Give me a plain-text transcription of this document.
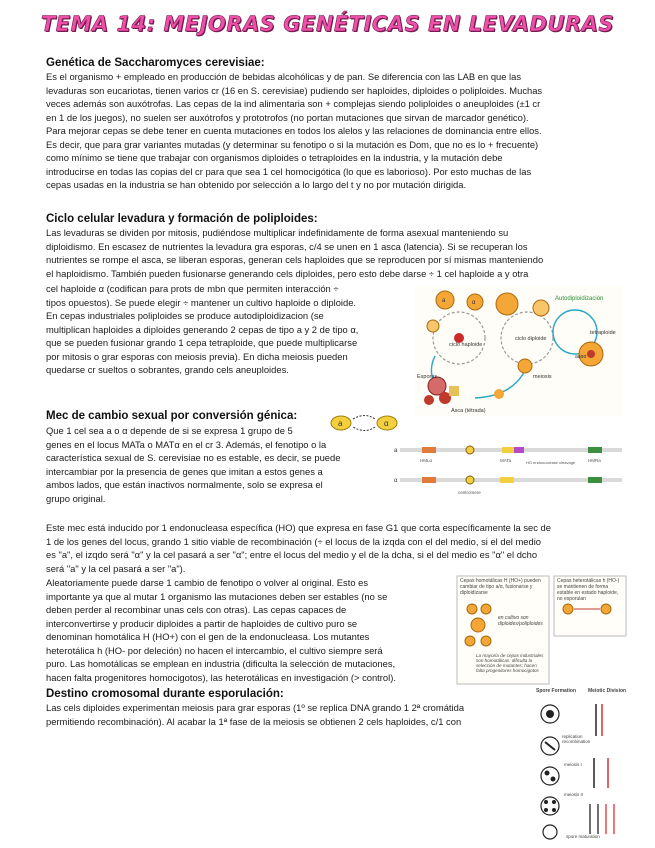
TEMA 14: MEJORAS GENÉTICAS EN LEVADURAS
Genética de Saccharomyces cerevisiae:
Es el organismo + empleado en producción de bebidas alcohólicas y de pan. Se diferencia con las LAB en que las
levaduras son eucariotas, tienen varios cr (16 en S. cerevisiae) pudiendo ser haploides, diploides o poliploides. Muchas
veces además son auxótrofas. Las cepas de la ind alimentaria son + complejas siendo poliploides o aneuploides (±1 cr
en 1 de los juegos), no suelen ser auxótrofos y prototrofos (no portan mutaciones que sirvan de marcador genético).
Para mejorar cepas se debe tener en cuenta mutaciones en todos los alelos y las relaciones de dominancia entre ellos.
Es decir, que para grar variantes mutadas (y determinar su fenotipo o si la mutación es Dom, que no es lo + frecuente)
como mínimo se tiene que trabajar con organismos diploides o tetraploides en la industria, y la mutación debe
introducirse en todas las copias del cr para que sea 1 cel homocigótica (lo que es laborioso). Por esto muchas de las
cepas usadas en la industria se han obtenido por selección a lo largo del t y no por mutación dirigida.
Ciclo celular levadura y formación de poliploides:
Las levaduras se dividen por mitosis, pudiéndose multiplicar indefinidamente de forma asexual manteniendo su
diploidismo. En escasez de nutrientes la levadura gra esporas, c/4 se unen en 1 asca (latencia). Si se recuperan los
nutrientes se rompe el asca, se liberan esporas, generan cels haploides que se reproducen por sí mismas manteniendo
el haploidismo. También pueden fusionarse generando cels diploides, pero esto debe darse ÷ 1 cel haploide a y otra
cel haploide α (codifican para prots de mbn que permiten interacción ÷
tipos opuestos). Se puede elegir ÷ mantener un cultivo haploide o diploide.
En cepas industriales poliploides se produce autodiploidizacion (se
multiplican haploides a diploides generando 2 cepas de tipo a y 2 de tipo α,
que se pueden fusionar grando 1 cepa tetraploide, que puede multiplicarse
por mitosis o grar esporas con meiosis previa). En dicha meiosis pueden
quedarse cr sueltos o sobrantes, grando cels aneuploides.
Autodiploidización
tetraploide
ciclo diploide
ciclo haploide
meiosis
Esporas
Asca (tétrada)
a	α
aaαα
Mec de cambio sexual por conversión génica:
a	α
Que 1 cel sea a o α depende de si se expresa 1 grupo de 5
genes en el locus MATa o MATα en el cr 3. Además, el fenotipo o la
característica sexual de S. cerevisiae no es estable, es decir, se puede
intercambiar por la presencia de genes que imitan a estos genes a
ambos lados, que están inactivos normalmente, solo se expresa el
grupo original.
a
α
HMLα	MATa	HMRa
centromere
HO endonuclease cleavage
Este mec está inducido por 1 endonucleasa específica (HO) que expresa en fase G1 que corta específicamente la sec de
1 de los genes del locus, grando 1 sitio viable de recombinación (÷ el locus de la izqda con el del medio, si el del medio
es "a", el izqdo será "α" y la cel pasará a ser "α"; entre el locus del medio y el de la dcha, si el del medio es "α" el dcho
será "a" y la cel pasará a ser "a").
Aleatoriamente puede darse 1 cambio de fenotipo o volver al original. Esto es
importante ya que al mutar 1 organismo las mutaciones deben ser estables (no se
deben perder al recombinar unas cels con otras). Las cepas capaces de
interconvertirse y producir diploides a partir de haploides de cultivo puro se
denominan homotálica H (HO+) con el gen de la endonucleasa. Los mutantes
heterotálica h (HO- por deleción) no hacen el intercambio, el cultivo siempre será
puro. Las homotálicas se emplean en industria (dificulta la selección de mutaciones,
hacen falta progenitores homocigotos), las heterotálicas en investigación (> control).
Cepas homotálicas H (HO+) pueden cambiar de tipo a/α, fusionarse y diploidizarse
Cepas heterotálicas h (HO-) se mantienen de forma estable en estado haploide, no esporulan
en cultivo son diploides/poliploides
La mayoría de cepas industriales son homotálicas: dificulta la selección de mutantes; hacen falta progenitores homocigotos
Destino cromosomal durante esporulación:
Las cels diploides experimentan meiosis para grar esporas (1º se replica DNA grando 1 2ª cromátida
permitiendo recombinación). Al acabar la 1ª fase de la meiosis se obtienen 2 cels haploides, c/1 con
Spore Formation Meiotic Division
replication recombination
meiosis I
meiosis II
spore maturation
